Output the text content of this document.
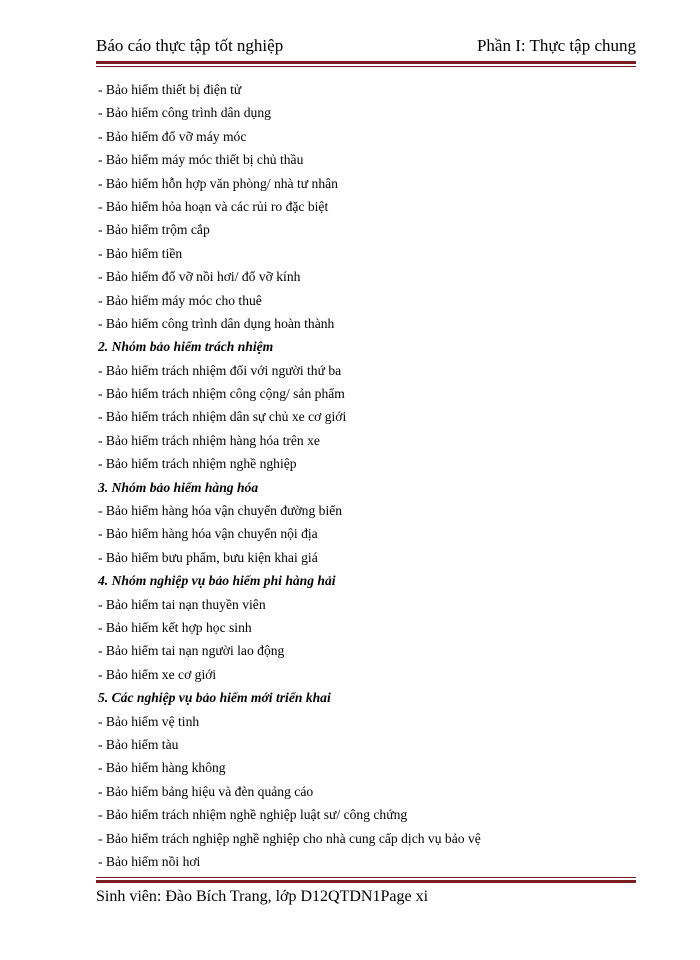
Báo cáo thực tập tốt nghiệp	Phần I: Thực tập chung
- Bảo hiểm thiết bị điện tử
- Bảo hiểm công trình dân dụng
- Bảo hiểm đổ vỡ máy móc
- Bảo hiểm máy móc thiết bị chủ thầu
- Bảo hiểm hỗn hợp văn phòng/ nhà tư nhân
- Bảo hiểm hỏa hoạn và các rủi ro đặc biệt
- Bảo hiểm trộm cắp
- Bảo hiểm tiền
- Bảo hiểm đổ vỡ nồi hơi/ đổ vỡ kính
- Bảo hiểm máy móc cho thuê
- Bảo hiểm công trình dân dụng hoàn thành
2. Nhóm bảo hiểm trách nhiệm
- Bảo hiểm trách nhiệm đối với người thứ ba
- Bảo hiểm trách nhiệm công cộng/ sản phẩm
- Bảo hiểm trách nhiệm dân sự chủ xe cơ giới
- Bảo hiểm trách nhiệm hàng hóa trên xe
- Bảo hiểm trách nhiệm nghề nghiệp
3. Nhóm bảo hiểm hàng hóa
- Bảo hiểm hàng hóa vận chuyển đường biển
- Bảo hiểm hàng hóa vận chuyển nội địa
- Bảo hiểm bưu phẩm, bưu kiện khai giá
4. Nhóm nghiệp vụ bảo hiểm phi hàng hải
- Bảo hiểm tai nạn thuyền viên
- Bảo hiểm kết hợp học sinh
- Bảo hiểm tai nạn người lao động
- Bảo hiểm xe cơ giới
5. Các nghiệp vụ bảo hiểm mới triển khai
- Bảo hiểm vệ tinh
- Bảo hiểm tàu
- Bảo hiểm hàng không
- Bảo hiểm bảng hiệu và đèn quảng cáo
- Bảo hiểm trách nhiệm nghề nghiệp luật sư/ công chứng
- Bảo hiểm trách nghiệp nghề nghiệp cho nhà cung cấp dịch vụ bảo vệ
- Bảo hiểm nồi hơi
Sinh viên: Đào Bích Trang, lớp D12QTDN1Page xi
